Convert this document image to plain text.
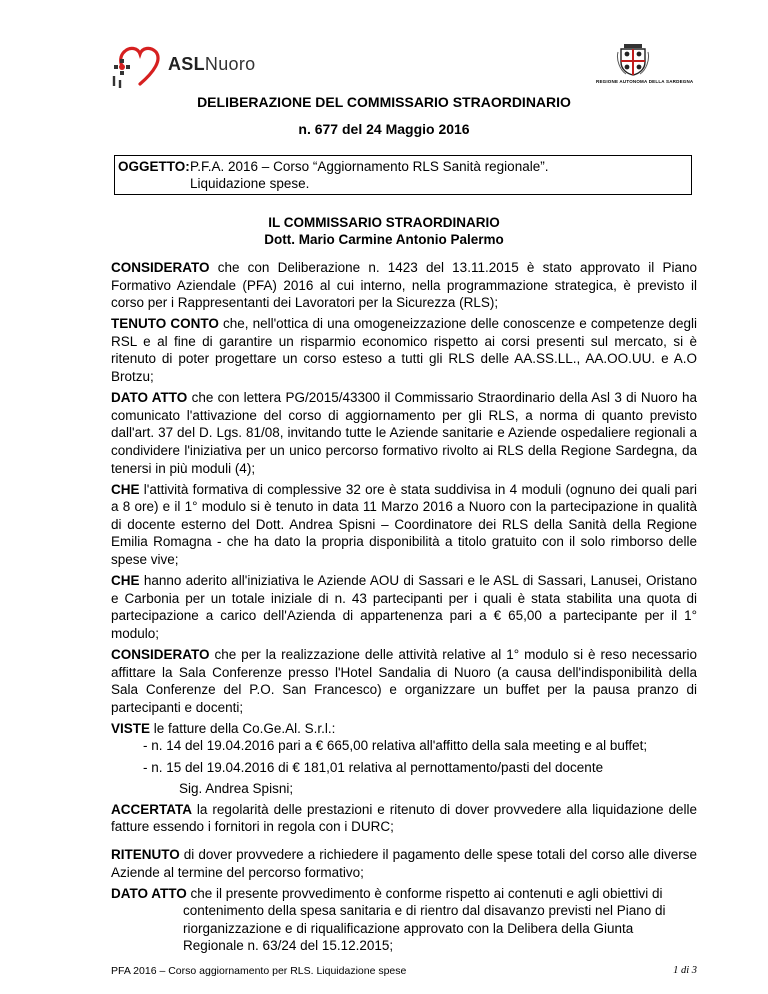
ASLNuoro
REGIONE AUTONOMA DELLA SARDEGNA
DELIBERAZIONE DEL COMMISSARIO STRAORDINARIO
n. 677 del 24 Maggio 2016
OGGETTO: P.F.A. 2016 – Corso “Aggiornamento RLS Sanità regionale”.
Liquidazione spese.
IL COMMISSARIO STRAORDINARIO
Dott. Mario Carmine Antonio Palermo

CONSIDERATO che con Deliberazione n. 1423 del 13.11.2015 è stato approvato il Piano Formativo Aziendale (PFA) 2016 al cui interno, nella programmazione strategica, è previsto il corso per i Rappresentanti dei Lavoratori per la Sicurezza (RLS);

TENUTO CONTO che, nell'ottica di una omogeneizzazione delle conoscenze e competenze degli RSL e al fine di garantire un risparmio economico rispetto ai corsi presenti sul mercato, si è ritenuto di poter progettare un corso esteso a tutti gli RLS delle AA.SS.LL., AA.OO.UU. e A.O Brotzu;

DATO ATTO che con lettera PG/2015/43300 il Commissario Straordinario della Asl 3 di Nuoro ha comunicato l'attivazione del corso di aggiornamento per gli RLS, a norma di quanto previsto dall'art. 37 del D. Lgs. 81/08, invitando tutte le Aziende sanitarie e Aziende ospedaliere regionali a condividere l'iniziativa per un unico percorso formativo rivolto ai RLS della Regione Sardegna, da tenersi in più moduli (4);

CHE l'attività formativa di complessive 32 ore è stata suddivisa in 4 moduli (ognuno dei quali pari a 8 ore) e il 1° modulo si è tenuto in data 11 Marzo 2016 a Nuoro con la partecipazione in qualità di docente esterno del Dott. Andrea Spisni – Coordinatore dei RLS della Sanità della Regione Emilia Romagna - che ha dato la propria disponibilità a titolo gratuito con il solo rimborso delle spese vive;

CHE hanno aderito all'iniziativa le Aziende AOU di Sassari e le ASL di Sassari, Lanusei, Oristano e Carbonia per un totale iniziale di n. 43 partecipanti per i quali è stata stabilita una quota di partecipazione a carico dell'Azienda di appartenenza pari a € 65,00 a partecipante per il 1° modulo;

CONSIDERATO che per la realizzazione delle attività relative al 1° modulo si è reso necessario affittare la Sala Conferenze presso l'Hotel Sandalia di Nuoro (a causa dell'indisponibilità della Sala Conferenze del P.O. San Francesco) e organizzare un buffet per la pausa pranzo di partecipanti e docenti;

VISTE le fatture della Co.Ge.Al. S.r.l.:

- n. 14 del 19.04.2016 pari a € 665,00 relativa all'affitto della sala meeting e al buffet;

- n. 15 del 19.04.2016 di € 181,01 relativa al pernottamento/pasti del docente

Sig. Andrea Spisni;

ACCERTATA la regolarità delle prestazioni e ritenuto di dover provvedere alla liquidazione delle fatture essendo i fornitori in regola con i DURC;

RITENUTO di dover provvedere a richiedere il pagamento delle spese totali del corso alle diverse Aziende al termine del percorso formativo;

DATO ATTO che il presente provvedimento è conforme rispetto ai contenuti e agli obiettivi di contenimento della spesa sanitaria e di rientro dal disavanzo previsti nel Piano di riorganizzazione e di riqualificazione approvato con la Delibera della Giunta Regionale n. 63/24 del 15.12.2015;

PFA 2016 – Corso aggiornamento per RLS. Liquidazione spese	1 di 3
